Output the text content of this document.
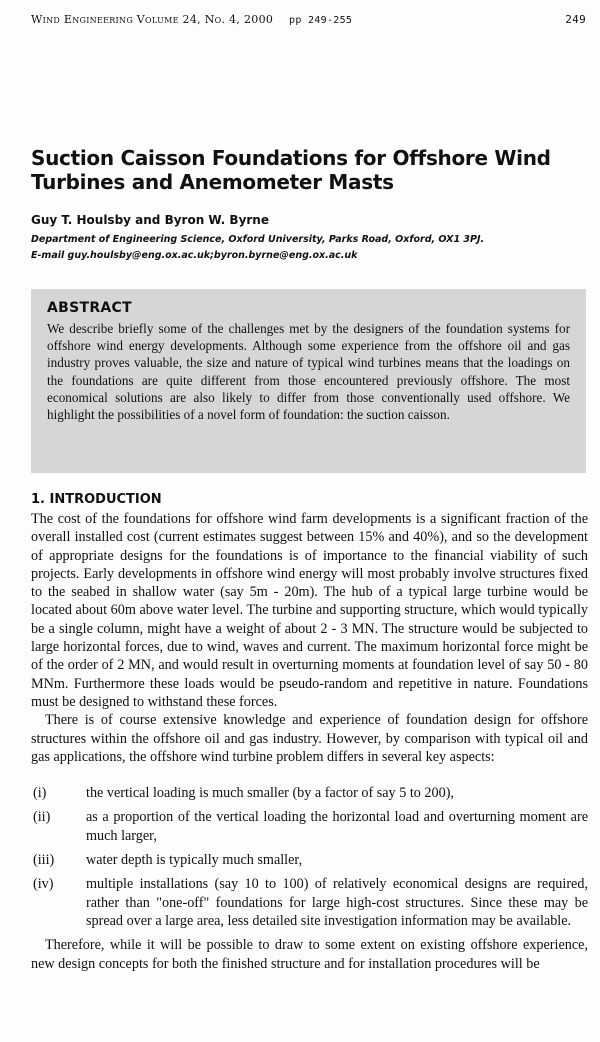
Wind Engineering Volume 24, No. 4, 2000 pp 249-255	249
Suction Caisson Foundations for Offshore Wind Turbines and Anemometer Masts
Guy T. Houlsby and Byron W. Byrne
Department of Engineering Science, Oxford University, Parks Road, Oxford, OX1 3PJ.
E-mail guy.houlsby@eng.ox.ac.uk;byron.byrne@eng.ox.ac.uk
ABSTRACT

We describe briefly some of the challenges met by the designers of the foundation systems for offshore wind energy developments. Although some experience from the offshore oil and gas industry proves valuable, the size and nature of typical wind turbines means that the loadings on the foundations are quite different from those encountered previously offshore. The most economical solutions are also likely to differ from those conventionally used offshore. We highlight the possibilities of a novel form of foundation: the suction caisson.

1. INTRODUCTION

The cost of the foundations for offshore wind farm developments is a significant fraction of the overall installed cost (current estimates suggest between 15% and 40%), and so the development of appropriate designs for the foundations is of importance to the financial viability of such projects. Early developments in offshore wind energy will most probably involve structures fixed to the seabed in shallow water (say 5m - 20m). The hub of a typical large turbine would be located about 60m above water level. The turbine and supporting structure, which would typically be a single column, might have a weight of about 2 - 3 MN. The structure would be subjected to large horizontal forces, due to wind, waves and current. The maximum horizontal force might be of the order of 2 MN, and would result in overturning moments at foundation level of say 50 - 80 MNm. Furthermore these loads would be pseudo-random and repetitive in nature. Foundations must be designed to withstand these forces.

There is of course extensive knowledge and experience of foundation design for offshore structures within the offshore oil and gas industry. However, by comparison with typical oil and gas applications, the offshore wind turbine problem differs in several key aspects:

(i)	the vertical loading is much smaller (by a factor of say 5 to 200),
(ii)	as a proportion of the vertical loading the horizontal load and overturning moment are much larger,
(iii)	water depth is typically much smaller,
(iv)	multiple installations (say 10 to 100) of relatively economical designs are required, rather than "one-off" foundations for large high-cost structures. Since these may be spread over a large area, less detailed site investigation information may be available.

Therefore, while it will be possible to draw to some extent on existing offshore experience, new design concepts for both the finished structure and for installation procedures will be
